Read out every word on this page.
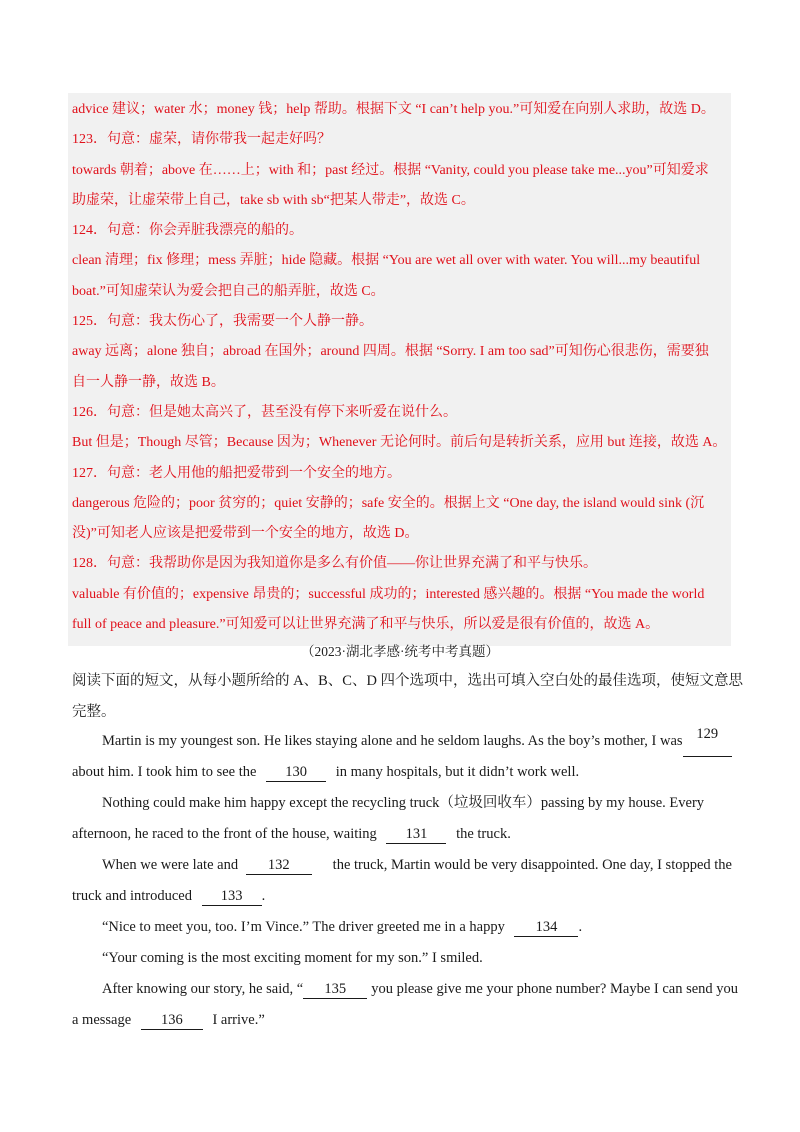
advice 建议；water 水；money 钱；help 帮助。根据下文 “I can’t help you.”可知爱在向别人求助，故选 D。

123．句意：虚荣，请你带我一起走好吗？

towards 朝着；above 在……上；with 和；past 经过。根据 “Vanity, could you please take me...you”可知爱求

助虚荣，让虚荣带上自己，take sb with sb“把某人带走”，故选 C。

124．句意：你会弄脏我漂亮的船的。

clean 清理；fix 修理；mess 弄脏；hide 隐藏。根据 “You are wet all over with water. You will...my beautiful

boat.”可知虚荣认为爱会把自己的船弄脏，故选 C。

125．句意：我太伤心了，我需要一个人静一静。

away 远离；alone 独自；abroad 在国外；around 四周。根据 “Sorry. I am too sad”可知伤心很悲伤，需要独

自一人静一静，故选 B。

126．句意：但是她太高兴了，甚至没有停下来听爱在说什么。

But 但是；Though 尽管；Because 因为；Whenever 无论何时。前后句是转折关系，应用 but 连接，故选 A。

127．句意：老人用他的船把爱带到一个安全的地方。

dangerous 危险的；poor 贫穷的；quiet 安静的；safe 安全的。根据上文 “One day, the island would sink (沉

没)”可知老人应该是把爱带到一个安全的地方，故选 D。

128．句意：我帮助你是因为我知道你是多么有价值——你让世界充满了和平与快乐。

valuable 有价值的；expensive 昂贵的；successful 成功的；interested 感兴趣的。根据 “You made the world

full of peace and pleasure.”可知爱可以让世界充满了和平与快乐，所以爱是很有价值的，故选 A。

（2023·湖北孝感·统考中考真题）
阅读下面的短文，从每小题所给的 A、B、C、D 四个选项中，选出可填入空白处的最佳选项，使短文意思
完整。
Martin is my youngest son. He likes staying alone and he seldom laughs. As the boy’s mother, I was 129
about him. I took him to see the 130 in many hospitals, but it didn’t work well.
Nothing could make him happy except the recycling truck（垃圾回收车）passing by my house. Every
afternoon, he raced to the front of the house, waiting 131 the truck.
When we were late and 132	the truck, Martin would be very disappointed. One day, I stopped the
truck and introduced 133 .
“Nice to meet you, too. I’m Vince.” The driver greeted me in a happy 134 .
“Your coming is the most exciting moment for my son.” I smiled.
After knowing our story, he said, “ 135	you please give me your phone number? Maybe I can send you
a message 136 I arrive.”
